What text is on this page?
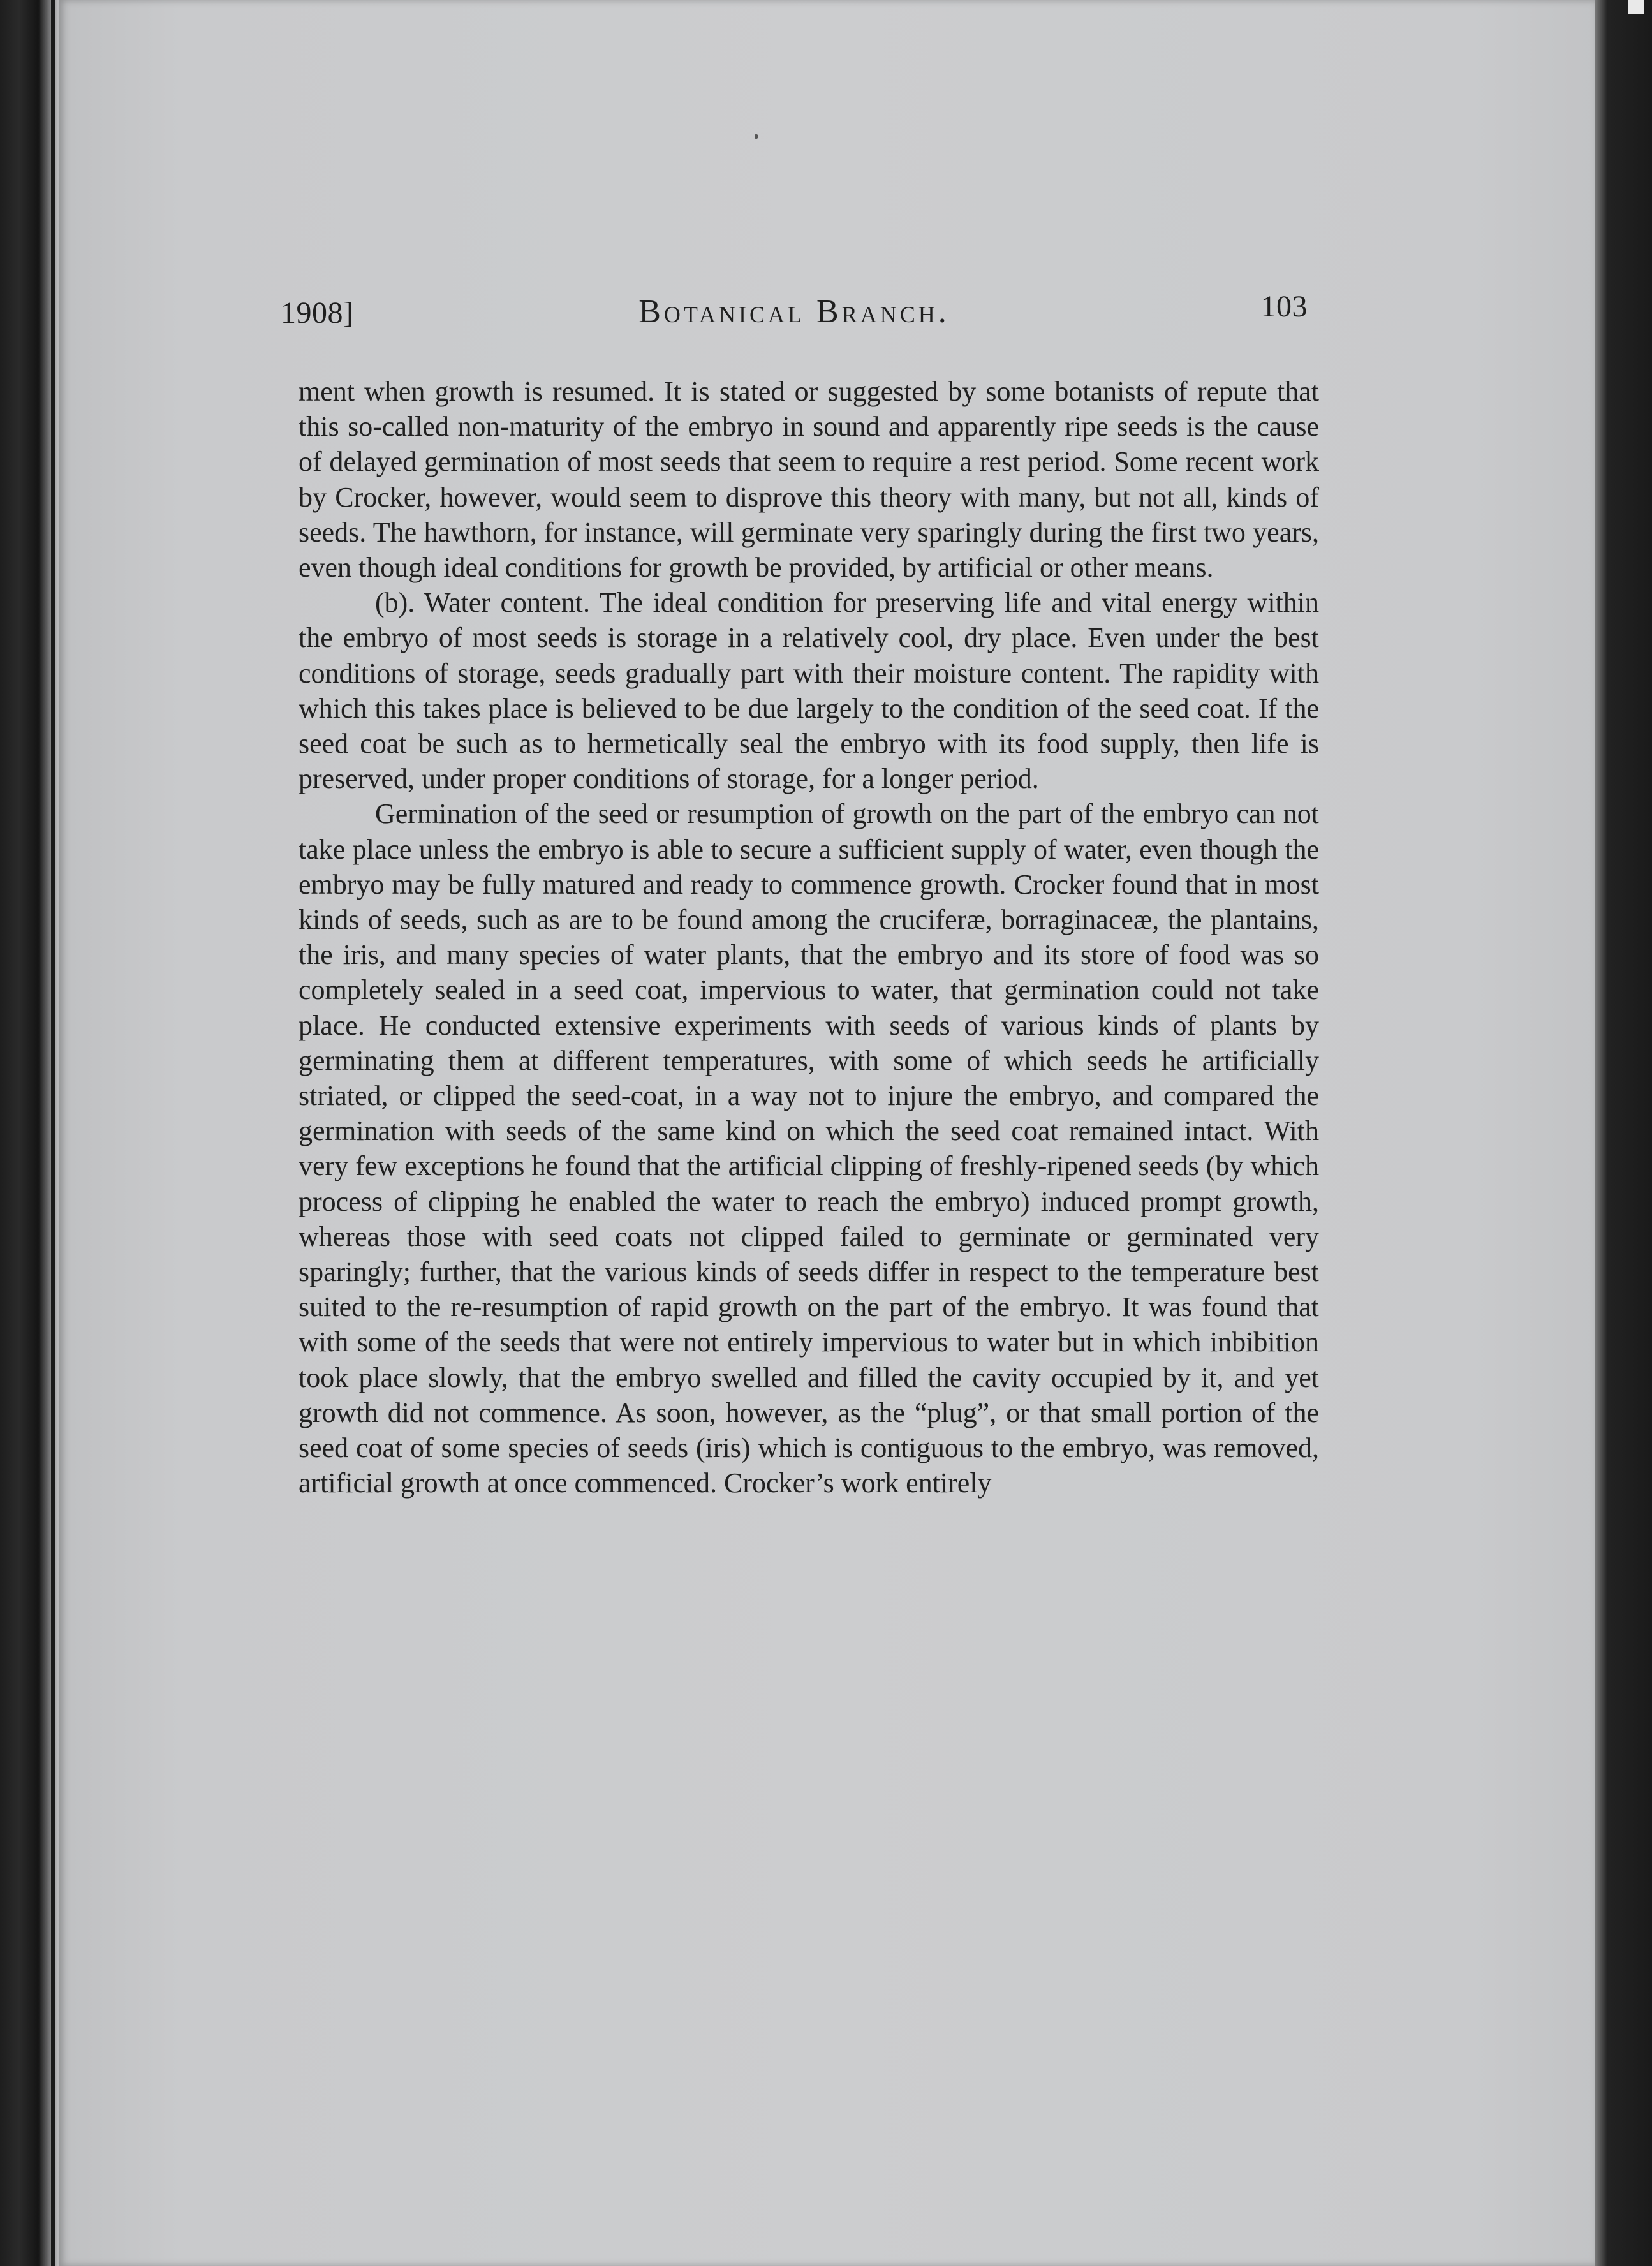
1908]	Botanical Branch.	103

ment when growth is resumed. It is stated or suggested by some botanists of repute that this so-called non-maturity of the embryo in sound and apparently ripe seeds is the cause of delayed germination of most seeds that seem to require a rest period. Some recent work by Crocker, however, would seem to disprove this theory with many, but not all, kinds of seeds. The hawthorn, for instance, will germinate very sparingly during the first two years, even though ideal conditions for growth be provided, by artificial or other means.

(b). Water content. The ideal condition for preserving life and vital energy within the embryo of most seeds is storage in a relatively cool, dry place. Even under the best conditions of storage, seeds gradually part with their moisture content. The rapidity with which this takes place is believed to be due largely to the condition of the seed coat. If the seed coat be such as to hermetically seal the embryo with its food supply, then life is preserved, under proper conditions of storage, for a longer period.

Germination of the seed or resumption of growth on the part of the embryo can not take place unless the embryo is able to secure a sufficient supply of water, even though the embryo may be fully matured and ready to commence growth. Crocker found that in most kinds of seeds, such as are to be found among the cruciferæ, borraginaceæ, the plantains, the iris, and many species of water plants, that the embryo and its store of food was so completely sealed in a seed coat, impervious to water, that germination could not take place. He conducted extensive experiments with seeds of various kinds of plants by germinating them at different temperatures, with some of which seeds he artificially striated, or clipped the seed-coat, in a way not to injure the embryo, and compared the germination with seeds of the same kind on which the seed coat remained intact. With very few exceptions he found that the artificial clipping of freshly-ripened seeds (by which process of clipping he enabled the water to reach the embryo) induced prompt growth, whereas those with seed coats not clipped failed to germinate or germinated very sparingly; further, that the various kinds of seeds differ in respect to the temperature best suited to the re-resumption of rapid growth on the part of the embryo. It was found that with some of the seeds that were not entirely impervious to water but in which inbibition took place slowly, that the embryo swelled and filled the cavity occupied by it, and yet growth did not commence. As soon, however, as the “plug”, or that small portion of the seed coat of some species of seeds (iris) which is contiguous to the embryo, was removed, artificial growth at once commenced. Crocker’s work entirely
